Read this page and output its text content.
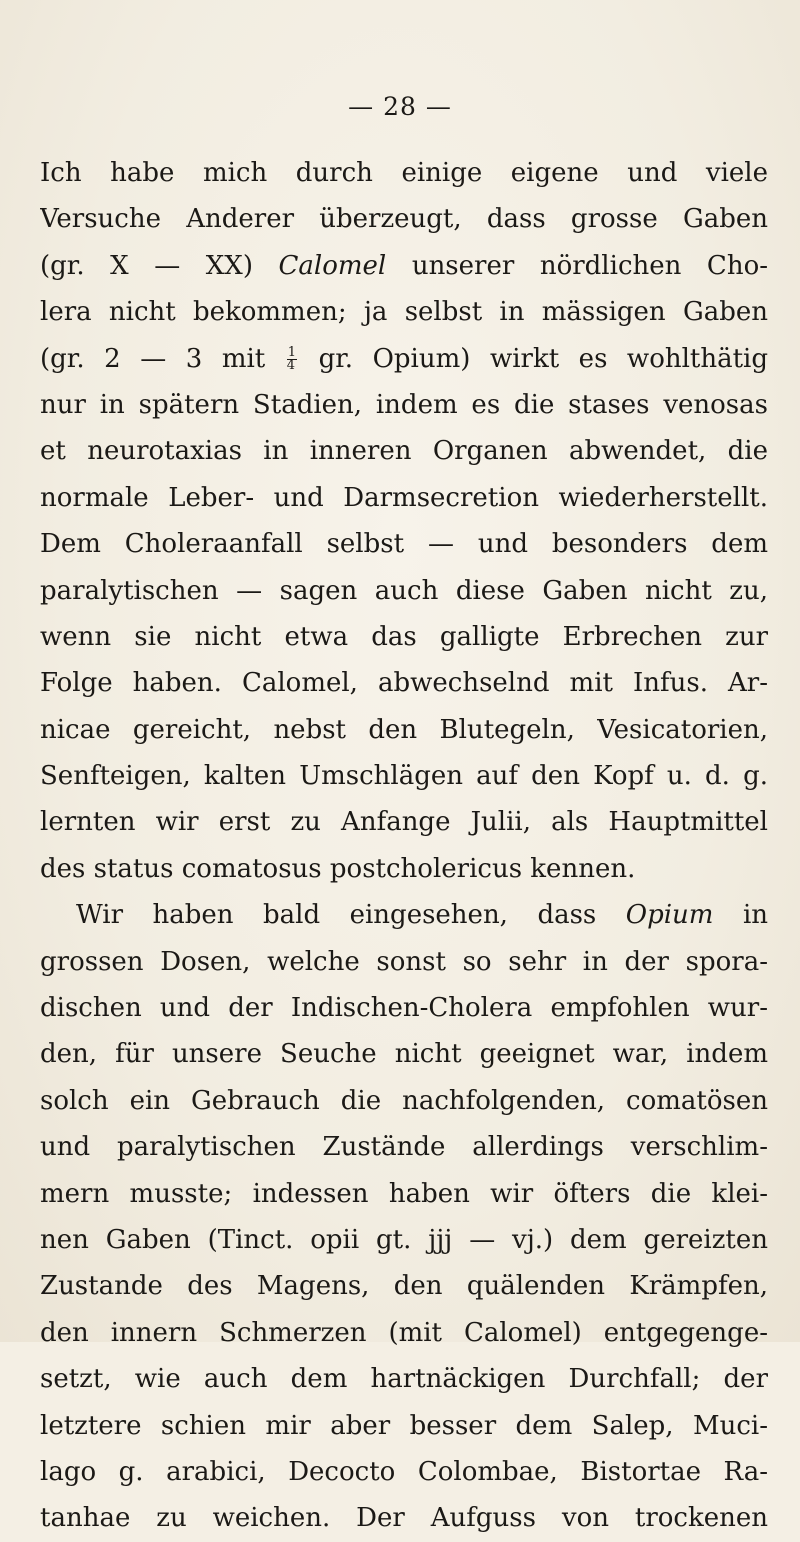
— 28 —
Ich habe mich durch einige eigene und viele
Versuche Anderer überzeugt, dass grosse Gaben
(gr. X — XX) Calomel unserer nördlichen Cho-
lera nicht bekommen; ja selbst in mässigen Gaben
(gr. 2 — 3 mit $\frac{1}{4}$ gr. Opium) wirkt es wohlthätig
nur in spätern Stadien, indem es die stases venosas
et neurotaxias in inneren Organen abwendet, die
normale Leber- und Darmsecretion wiederherstellt.
Dem Choleraanfall selbst — und besonders dem
paralytischen — sagen auch diese Gaben nicht zu,
wenn sie nicht etwa das galligte Erbrechen zur
Folge haben. Calomel, abwechselnd mit Infus. Ar-
nicae gereicht, nebst den Blutegeln, Vesicatorien,
Senfteigen, kalten Umschlägen auf den Kopf u. d. g.
lernten wir erst zu Anfange Julii, als Hauptmittel
des status comatosus postcholericus kennen.
Wir haben bald eingesehen, dass Opium in
grossen Dosen, welche sonst so sehr in der spora-
dischen und der Indischen-Cholera empfohlen wur-
den, für unsere Seuche nicht geeignet war, indem
solch ein Gebrauch die nachfolgenden, comatösen
und paralytischen Zustände allerdings verschlim-
mern musste; indessen haben wir öfters die klei-
nen Gaben (Tinct. opii gt. jjj — vj.) dem gereizten
Zustande des Magens, den quälenden Krämpfen,
den innern Schmerzen (mit Calomel) entgegenge-
setzt, wie auch dem hartnäckigen Durchfall; der
letztere schien mir aber besser dem Salep, Muci-
lago g. arabici, Decocto Colombae, Bistortae Ra-
tanhae zu weichen. Der Aufguss von trockenen
